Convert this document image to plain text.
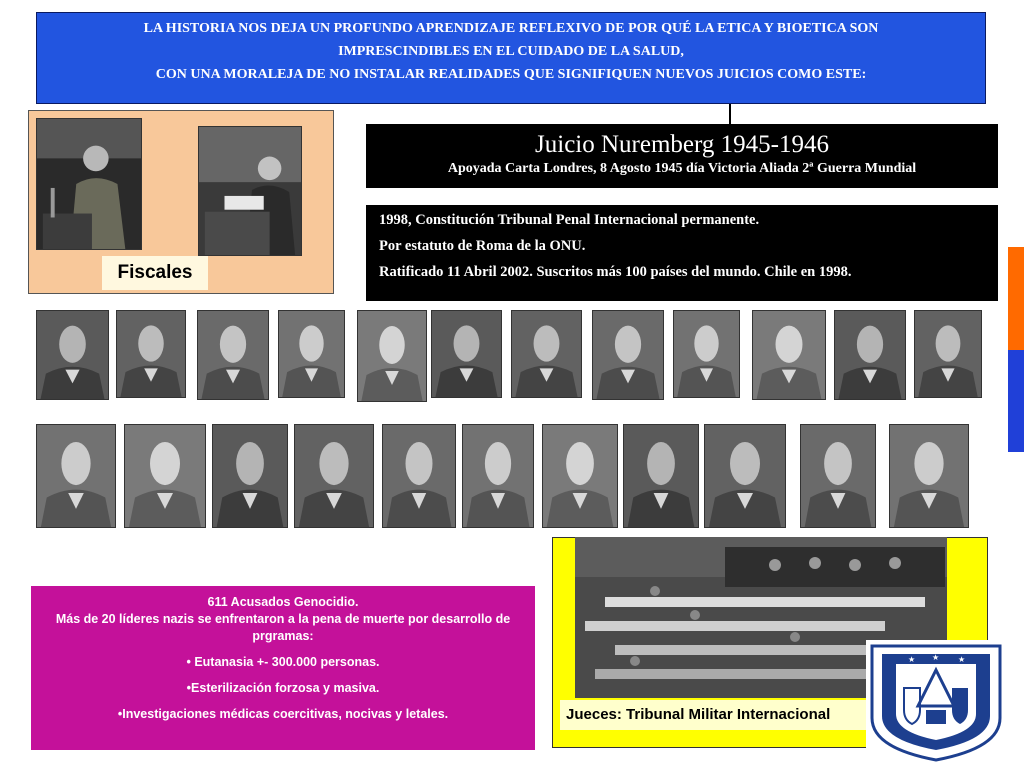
LA HISTORIA NOS DEJA UN PROFUNDO APRENDIZAJE REFLEXIVO DE POR QUÉ LA ETICA Y BIOETICA SON
IMPRESCINDIBLES EN EL CUIDADO DE LA SALUD,
CON UNA MORALEJA DE NO INSTALAR REALIDADES QUE SIGNIFIQUEN NUEVOS JUICIOS COMO ESTE:
Fiscales
Juicio Nuremberg 1945-1946
Apoyada Carta Londres, 8 Agosto 1945 día Victoria Aliada 2ª Guerra Mundial

1998, Constitución Tribunal Penal Internacional permanente.

Por estatuto de Roma de la ONU.

Ratificado 11 Abril 2002. Suscritos más 100 países del mundo. Chile en 1998.

611 Acusados Genocidio.

Más de 20 líderes nazis se enfrentaron a la pena de muerte por desarrollo de prgramas:

• Eutanasia +- 300.000 personas.

•Esterilización forzosa y masiva.

•Investigaciones médicas coercitivas, nocivas y letales.	Jueces: Tribunal Militar Internacional
★	★
★
